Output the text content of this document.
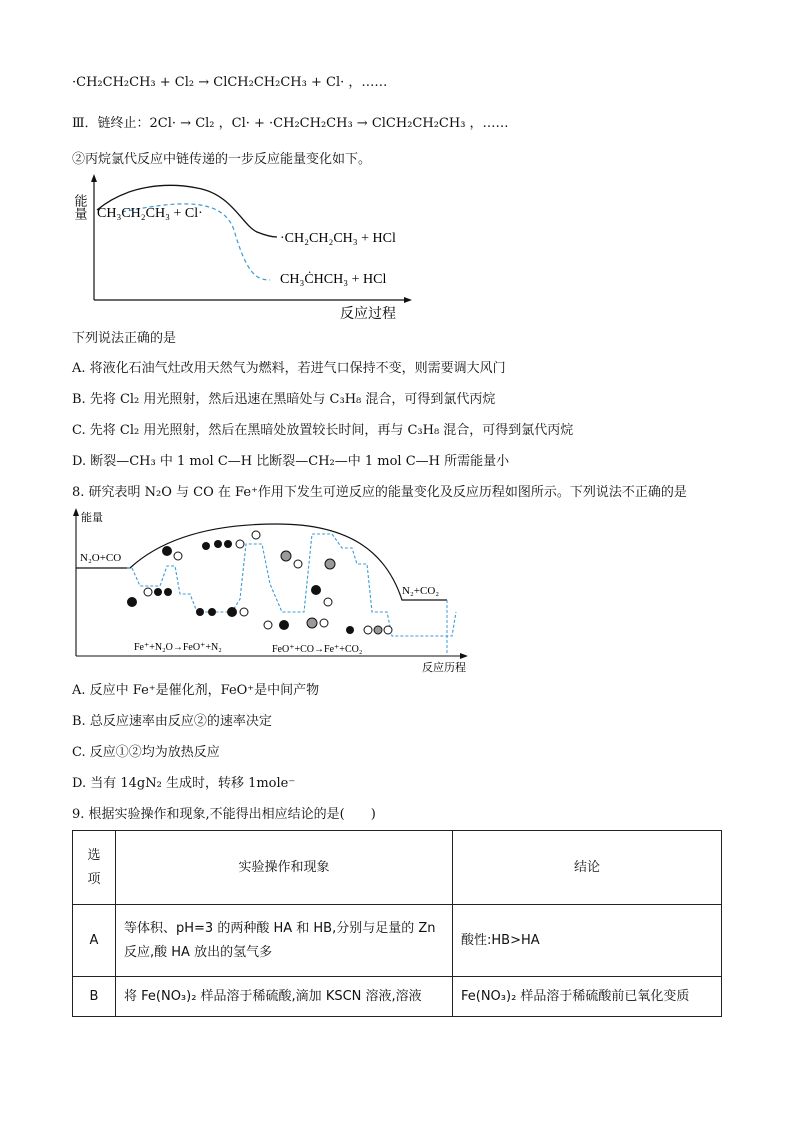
·CH₂CH₂CH₃ + Cl₂ → ClCH₂CH₂CH₃ + Cl· ，……
Ⅲ．链终止：2Cl· → Cl₂ ，Cl· + ·CH₂CH₂CH₃ → ClCH₂CH₂CH₃ ，……
②丙烷氯代反应中链传递的一步反应能量变化如下。
能量
反应过程
CH₃CH₂CH₃ + Cl·
·CH₂CH₂CH₃ + HCl
CH₃ĊHCH₃ + HCl
下列说法正确的是
A. 将液化石油气灶改用天然气为燃料，若进气口保持不变，则需要调大风门
B. 先将 Cl₂ 用光照射，然后迅速在黑暗处与 C₃H₈ 混合，可得到氯代丙烷
C. 先将 Cl₂ 用光照射，然后在黑暗处放置较长时间，再与 C₃H₈ 混合，可得到氯代丙烷
D. 断裂—CH₃ 中 1 mol C—H 比断裂—CH₂—中 1 mol C—H 所需能量小
8. 研究表明 N₂O 与 CO 在 Fe⁺作用下发生可逆反应的能量变化及反应历程如图所示。下列说法不正确的是
能量
反应历程
N₂O+CO
N₂+CO₂
Fe⁺+N₂O→FeO⁺+N₂	FeO⁺+CO→Fe⁺+CO₂
A. 反应中 Fe⁺是催化剂，FeO⁺是中间产物
B. 总反应速率由反应②的速率决定
C. 反应①②均为放热反应
D. 当有 14gN₂ 生成时，转移 1mole⁻
9. 根据实验操作和现象,不能得出相应结论的是(　　)
选
项	实验操作和现象	结论
A	等体积、pH=3 的两种酸 HA 和 HB,分别与足量的 Zn 反应,酸 HA 放出的氢气多	酸性:HB>HA
B	将 Fe(NO₃)₂ 样品溶于稀硫酸,滴加 KSCN 溶液,溶液	Fe(NO₃)₂ 样品溶于稀硫酸前已氧化变质
